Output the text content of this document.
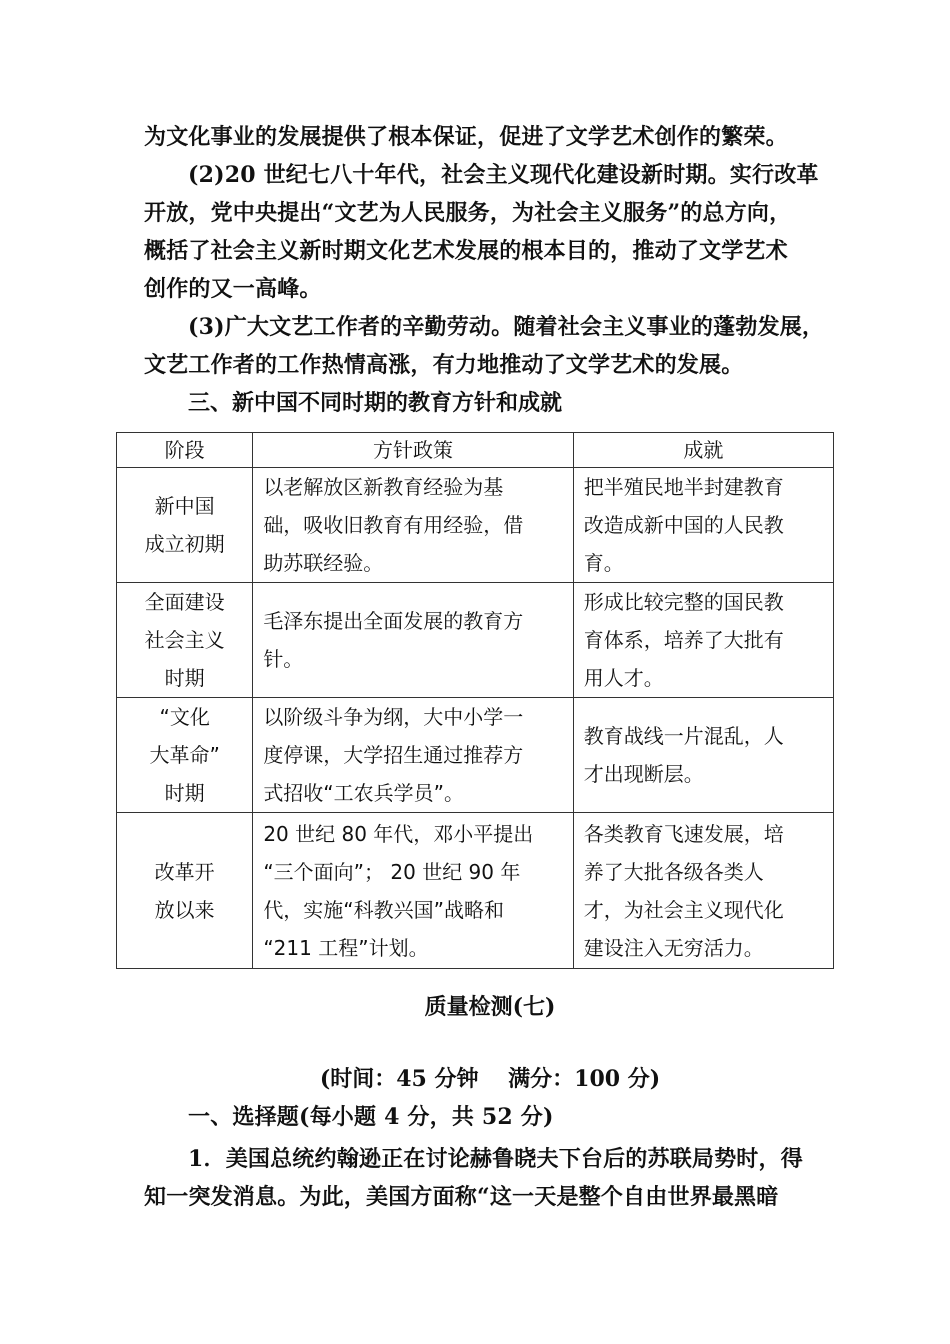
为文化事业的发展提供了根本保证，促进了文学艺术创作的繁荣。
(2)20 世纪七八十年代，社会主义现代化建设新时期。实行改革
开放，党中央提出“文艺为人民服务，为社会主义服务”的总方向，
概括了社会主义新时期文化艺术发展的根本目的，推动了文学艺术
创作的又一高峰。
(3)广大文艺工作者的辛勤劳动。随着社会主义事业的蓬勃发展，
文艺工作者的工作热情高涨，有力地推动了文学艺术的发展。
三、新中国不同时期的教育方针和成就
阶段	方针政策	成就

新中国
成立初期	以老解放区新教育经验为基
础，吸收旧教育有用经验，借
助苏联经验。	把半殖民地半封建教育
改造成新中国的人民教
育。

全面建设
社会主义
时期	毛泽东提出全面发展的教育方
针。	形成比较完整的国民教
育体系，培养了大批有
用人才。

“文化
大革命”
时期	以阶级斗争为纲，大中小学一
度停课，大学招生通过推荐方
式招收“工农兵学员”。	教育战线一片混乱，人
才出现断层。

改革开
放以来	20 世纪 80 年代，邓小平提出
“三个面向”； 20 世纪 90 年
代，实施“科教兴国”战略和
“211 工程”计划。	各类教育飞速发展，培
养了大批各级各类人
才，为社会主义现代化
建设注入无穷活力。
质量检测(七)
(时间：45 分钟　 满分：100 分)
一、选择题(每小题 4 分，共 52 分)
1．美国总统约翰逊正在讨论赫鲁晓夫下台后的苏联局势时，得
知一突发消息。为此，美国方面称“这一天是整个自由世界最黑暗
